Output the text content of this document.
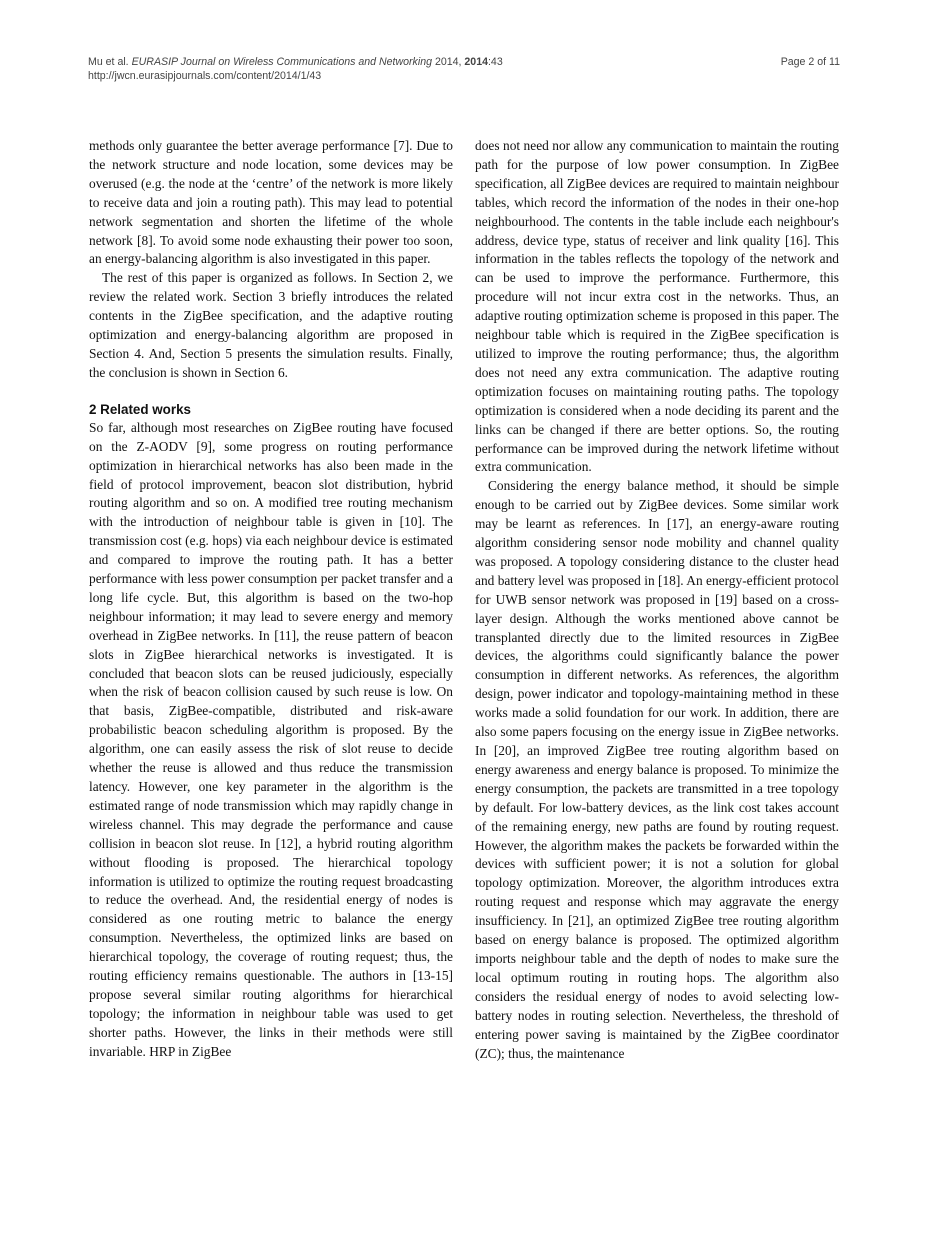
Mu et al. EURASIP Journal on Wireless Communications and Networking 2014, 2014:43	Page 2 of 11
http://jwcn.eurasipjournals.com/content/2014/1/43

methods only guarantee the better average performance [7]. Due to the network structure and node location, some devices may be overused (e.g. the node at the ‘centre’ of the network is more likely to receive data and join a routing path). This may lead to potential network segmentation and shorten the lifetime of the whole network [8]. To avoid some node exhausting their power too soon, an energy-balancing algorithm is also investigated in this paper.

The rest of this paper is organized as follows. In Section 2, we review the related work. Section 3 briefly introduces the related contents in the ZigBee specification, and the adaptive routing optimization and energy-balancing algorithm are proposed in Section 4. And, Section 5 presents the simulation results. Finally, the conclusion is shown in Section 6.

2 Related works

So far, although most researches on ZigBee routing have focused on the Z-AODV [9], some progress on routing performance optimization in hierarchical networks has also been made in the field of protocol improvement, beacon slot distribution, hybrid routing algorithm and so on. A modified tree routing mechanism with the introduction of neighbour table is given in [10]. The transmission cost (e.g. hops) via each neighbour device is estimated and compared to improve the routing path. It has a better performance with less power consumption per packet transfer and a long life cycle. But, this algorithm is based on the two-hop neighbour information; it may lead to severe energy and memory overhead in ZigBee networks. In [11], the reuse pattern of beacon slots in ZigBee hierarchical networks is investigated. It is concluded that beacon slots can be reused judiciously, especially when the risk of beacon collision caused by such reuse is low. On that basis, ZigBee-compatible, distributed and risk-aware probabilistic beacon scheduling algorithm is proposed. By the algorithm, one can easily assess the risk of slot reuse to decide whether the reuse is allowed and thus reduce the transmission latency. However, one key parameter in the algorithm is the estimated range of node transmission which may rapidly change in wireless channel. This may degrade the performance and cause collision in beacon slot reuse. In [12], a hybrid routing algorithm without flooding is proposed. The hierarchical topology information is utilized to optimize the routing request broadcasting to reduce the overhead. And, the residential energy of nodes is considered as one routing metric to balance the energy consumption. Nevertheless, the optimized links are based on hierarchical topology, the coverage of routing request; thus, the routing efficiency remains questionable. The authors in [13-15] propose several similar routing algorithms for hierarchical topology; the information in neighbour table was used to get shorter paths. However, the links in their methods were still invariable. HRP in ZigBee

does not need nor allow any communication to maintain the routing path for the purpose of low power consumption. In ZigBee specification, all ZigBee devices are required to maintain neighbour tables, which record the information of the nodes in their one-hop neighbourhood. The contents in the table include each neighbour's address, device type, status of receiver and link quality [16]. This information in the tables reflects the topology of the network and can be used to improve the performance. Furthermore, this procedure will not incur extra cost in the networks. Thus, an adaptive routing optimization scheme is proposed in this paper. The neighbour table which is required in the ZigBee specification is utilized to improve the routing performance; thus, the algorithm does not need any extra communication. The adaptive routing optimization focuses on maintaining routing paths. The topology optimization is considered when a node deciding its parent and the links can be changed if there are better options. So, the routing performance can be improved during the network lifetime without extra communication.

Considering the energy balance method, it should be simple enough to be carried out by ZigBee devices. Some similar work may be learnt as references. In [17], an energy-aware routing algorithm considering sensor node mobility and channel quality was proposed. A topology considering distance to the cluster head and battery level was proposed in [18]. An energy-efficient protocol for UWB sensor network was proposed in [19] based on a cross-layer design. Although the works mentioned above cannot be transplanted directly due to the limited resources in ZigBee devices, the algorithms could significantly balance the power consumption in different networks. As references, the algorithm design, power indicator and topology-maintaining method in these works made a solid foundation for our work. In addition, there are also some papers focusing on the energy issue in ZigBee networks. In [20], an improved ZigBee tree routing algorithm based on energy awareness and energy balance is proposed. To minimize the energy consumption, the packets are transmitted in a tree topology by default. For low-battery devices, as the link cost takes account of the remaining energy, new paths are found by routing request. However, the algorithm makes the packets be forwarded within the devices with sufficient power; it is not a solution for global topology optimization. Moreover, the algorithm introduces extra routing request and response which may aggravate the energy insufficiency. In [21], an optimized ZigBee tree routing algorithm based on energy balance is proposed. The optimized algorithm imports neighbour table and the depth of nodes to make sure the local optimum routing in routing hops. The algorithm also considers the residual energy of nodes to avoid selecting low-battery nodes in routing selection. Nevertheless, the threshold of entering power saving is maintained by the ZigBee coordinator (ZC); thus, the maintenance
